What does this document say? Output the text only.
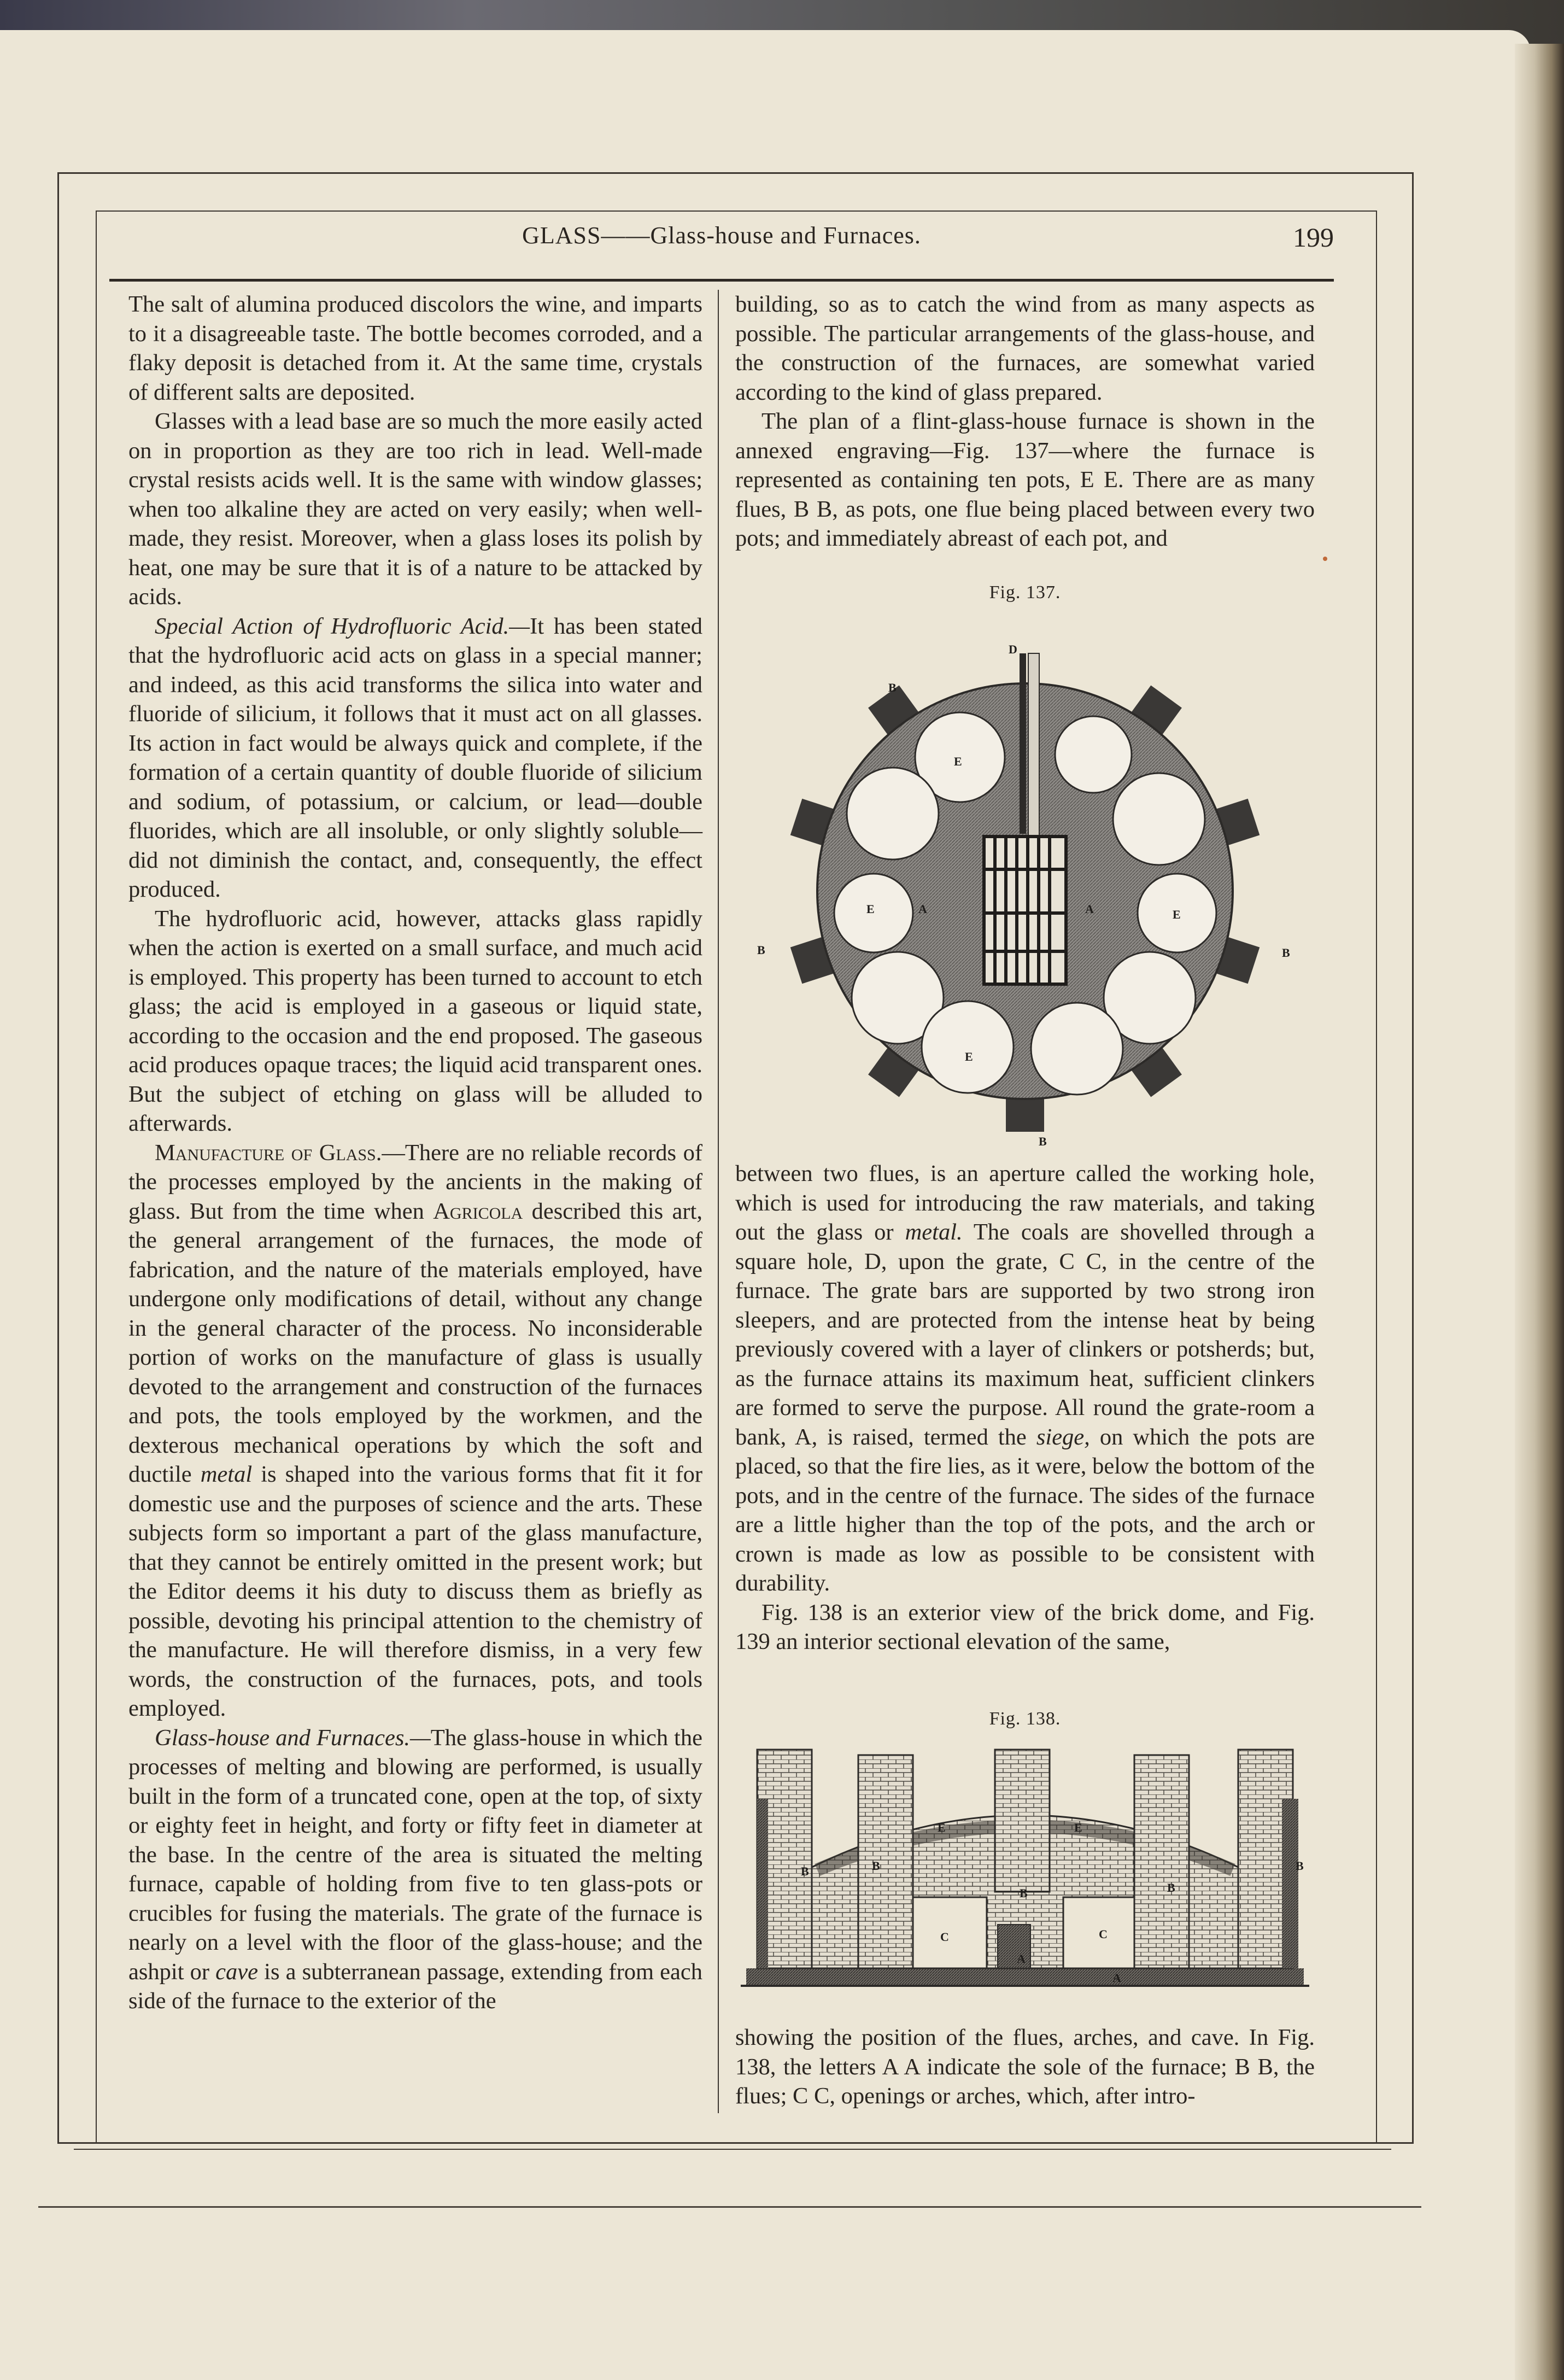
GLASS——Glass-house and Furnaces.	199

The salt of alumina produced discolors the wine, and imparts to it a disagreeable taste. The bottle becomes corroded, and a flaky deposit is detached from it. At the same time, crystals of different salts are deposited.

Glasses with a lead base are so much the more easily acted on in proportion as they are too rich in lead. Well-made crystal resists acids well. It is the same with window glasses; when too alkaline they are acted on very easily; when well-made, they resist. Moreover, when a glass loses its polish by heat, one may be sure that it is of a nature to be attacked by acids.

Special Action of Hydrofluoric Acid.—It has been stated that the hydrofluoric acid acts on glass in a special manner; and indeed, as this acid transforms the silica into water and fluoride of silicium, it follows that it must act on all glasses. Its action in fact would be always quick and complete, if the formation of a certain quantity of double fluoride of silicium and sodium, of potassium, or calcium, or lead—double fluorides, which are all insoluble, or only slightly soluble—did not diminish the contact, and, consequently, the effect produced.

The hydrofluoric acid, however, attacks glass rapidly when the action is exerted on a small surface, and much acid is employed. This property has been turned to account to etch glass; the acid is employed in a gaseous or liquid state, according to the occasion and the end proposed. The gaseous acid produces opaque traces; the liquid acid transparent ones. But the subject of etching on glass will be alluded to afterwards.

Manufacture of Glass.—There are no reliable records of the processes employed by the ancients in the making of glass. But from the time when Agricola described this art, the general arrangement of the furnaces, the mode of fabrication, and the nature of the materials employed, have undergone only modifications of detail, without any change in the general character of the process. No inconsiderable portion of works on the manufacture of glass is usually devoted to the arrangement and construction of the furnaces and pots, the tools employed by the workmen, and the dexterous mechanical operations by which the soft and ductile metal is shaped into the various forms that fit it for domestic use and the purposes of science and the arts. These subjects form so important a part of the glass manufacture, that they cannot be entirely omitted in the present work; but the Editor deems it his duty to discuss them as briefly as possible, devoting his principal attention to the chemistry of the manufacture. He will therefore dismiss, in a very few words, the construction of the furnaces, pots, and tools employed.

Glass-house and Furnaces.—The glass-house in which the processes of melting and blowing are performed, is usually built in the form of a truncated cone, open at the top, of sixty or eighty feet in height, and forty or fifty feet in diameter at the base. In the centre of the area is situated the melting furnace, capable of holding from five to ten glass-pots or crucibles for fusing the materials. The grate of the furnace is nearly on a level with the floor of the glass-house; and the ashpit or cave is a subterranean passage, extending from each side of the furnace to the exterior of the

building, so as to catch the wind from as many aspects as possible. The particular arrangements of the glass-house, and the construction of the furnaces, are somewhat varied according to the kind of glass prepared.

The plan of a flint-glass-house furnace is shown in the annexed engraving—Fig. 137—where the furnace is represented as containing ten pots, E E. There are as many flues, B B, as pots, one flue being placed between every two pots; and immediately abreast of each pot, and

Fig. 137.
D
B
B	B
B
E
E	E
E
A	A

between two flues, is an aperture called the working hole, which is used for introducing the raw materials, and taking out the glass or metal. The coals are shovelled through a square hole, D, upon the grate, C C, in the centre of the furnace. The grate bars are supported by two strong iron sleepers, and are protected from the intense heat by being previously covered with a layer of clinkers or potsherds; but, as the furnace attains its maximum heat, sufficient clinkers are formed to serve the purpose. All round the grate-room a bank, A, is raised, termed the siege, on which the pots are placed, so that the fire lies, as it were, below the bottom of the pots, and in the centre of the furnace. The sides of the furnace are a little higher than the top of the pots, and the arch or crown is made as low as possible to be consistent with durability.

Fig. 138 is an exterior view of the brick dome, and Fig. 139 an interior sectional elevation of the same,

Fig. 138.
B	B
B	B
B
E	E
C	C
A
A

showing the position of the flues, arches, and cave. In Fig. 138, the letters A A indicate the sole of the furnace; B B, the flues; C C, openings or arches, which, after intro-
